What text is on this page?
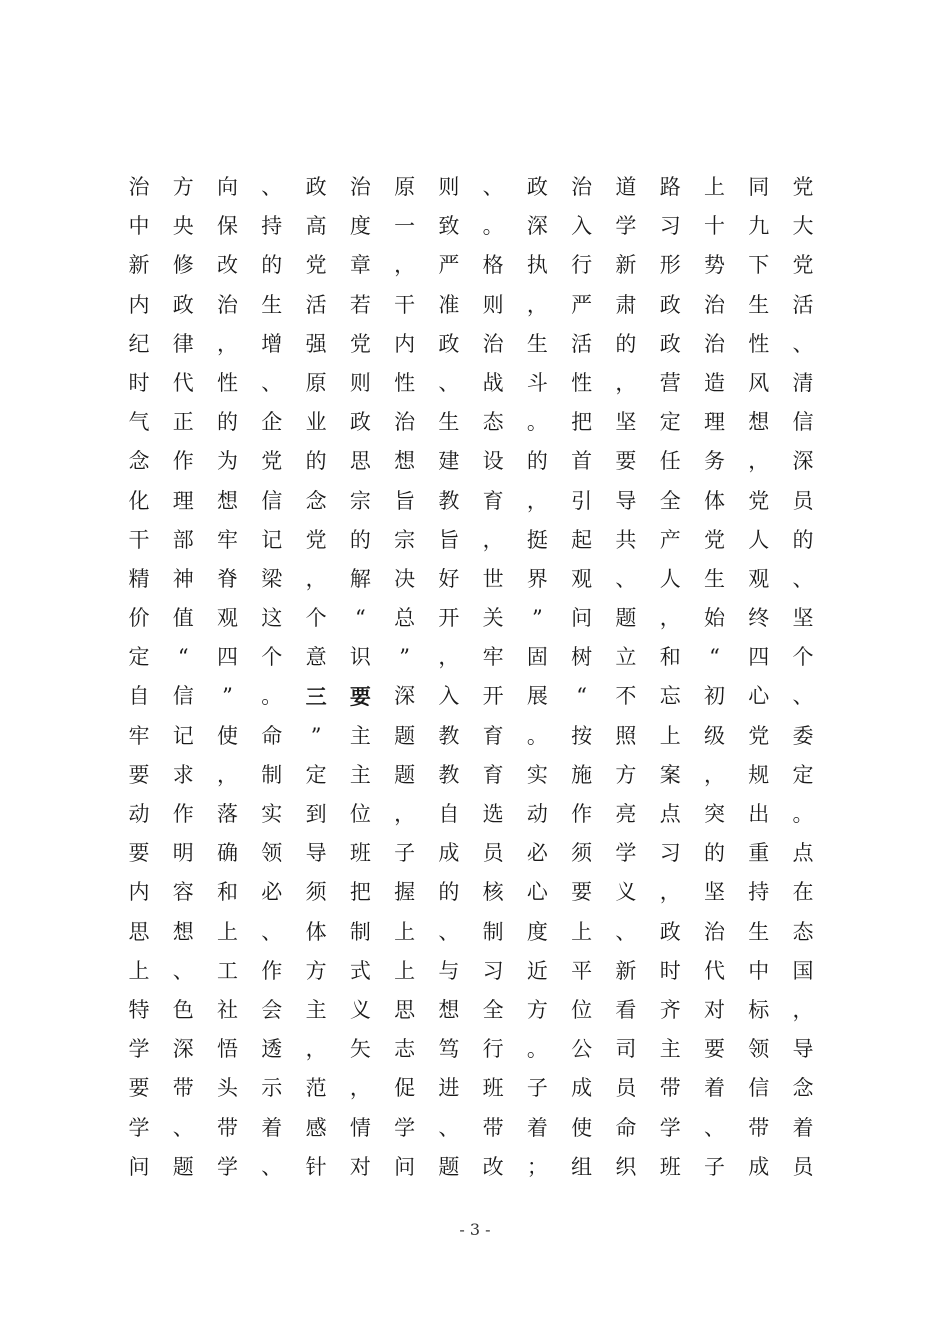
治 方 向 、 政 治 原 则 、 政 治 道 路 上 同 党
中 央 保 持 高 度 一 致 。 深 入 学 习 十 九 大
新 修 改 的 党 章 ， 严 格 执 行 新 形 势 下 党
内 政 治 生 活 若 干 准 则 ， 严 肃 政 治 生 活
纪 律 ， 增 强 党 内 政 治 生 活 的 政 治 性 、
时 代 性 、 原 则 性 、 战 斗 性 ， 营 造 风 清
气 正 的 企 业 政 治 生 态 。 把 坚 定 理 想 信
念 作 为 党 的 思 想 建 设 的 首 要 任 务 ， 深
化 理 想 信 念 宗 旨 教 育 ， 引 导 全 体 党 员
干 部 牢 记 党 的 宗 旨 ， 挺 起 共 产 党 人 的
精 神 脊 梁 ， 解 决 好 世 界 观 、 人 生 观 、
价 值 观 这 个 “ 总 开 关 ” 问 题 ， 始 终 坚
定 “ 四 个 意 识 ” ， 牢 固 树 立 和 “ 四 个
自 信 ” 。 三 要 深 入 开 展 “ 不 忘 初 心 、
牢 记 使 命 ” 主 题 教 育 。 按 照 上 级 党 委
要 求 ， 制 定 主 题 教 育 实 施 方 案 ， 规 定
动 作 落 实 到 位 ， 自 选 动 作 亮 点 突 出 。
要 明 确 领 导 班 子 成 员 必 须 学 习 的 重 点
内 容 和 必 须 把 握 的 核 心 要 义 ， 坚 持 在
思 想 上 、 体 制 上 、 制 度 上 、 政 治 生 态
上 、 工 作 方 式 上 与 习 近 平 新 时 代 中 国
特 色 社 会 主 义 思 想 全 方 位 看 齐 对 标 ，
学 深 悟 透 ， 矢 志 笃 行 。 公 司 主 要 领 导
要 带 头 示 范 ， 促 进 班 子 成 员 带 着 信 念
学 、 带 着 感 情 学 、 带 着 使 命 学 、 带 着
问 题 学 、 针 对 问 题 改 ； 组 织 班 子 成 员
- 3 -
